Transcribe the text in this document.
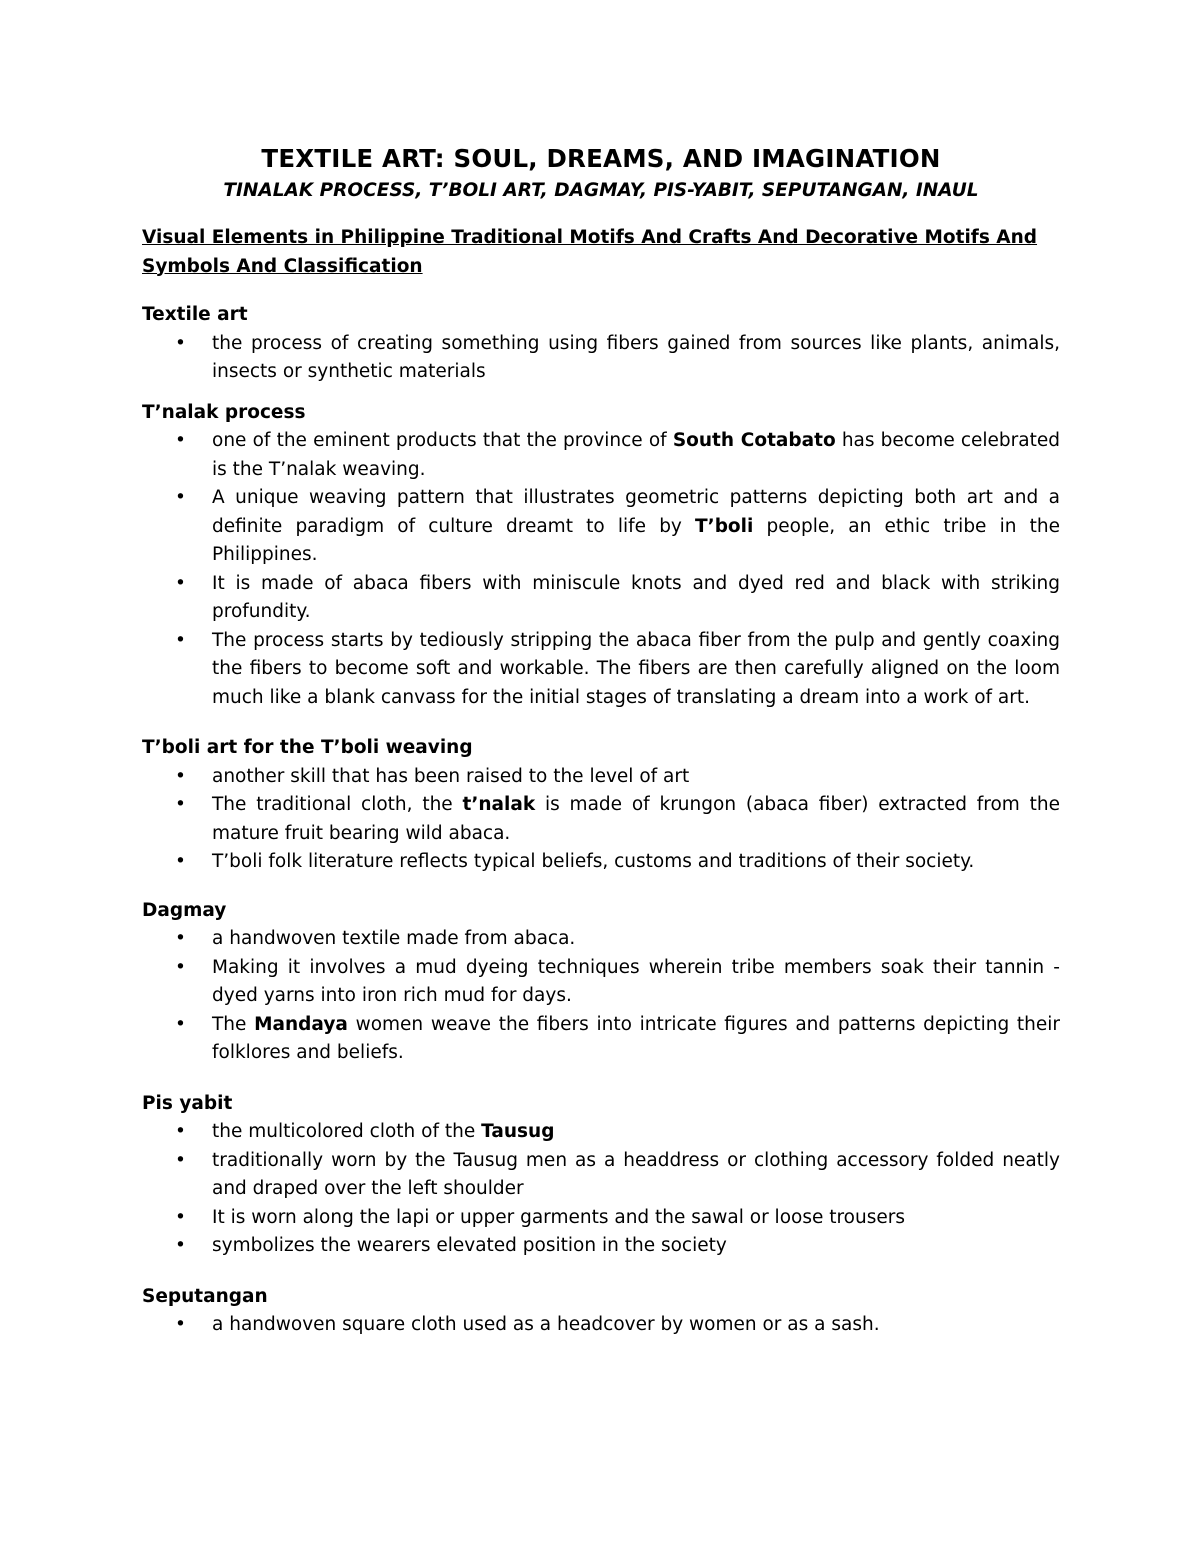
TEXTILE ART: SOUL, DREAMS, AND IMAGINATION
TINALAK PROCESS, T’BOLI ART, DAGMAY, PIS-YABIT, SEPUTANGAN, INAUL
Visual Elements in Philippine Traditional Motifs And Crafts And Decorative Motifs And Symbols And Classification
Textile art
• the process of creating something using fibers gained from sources like plants, animals, insects or synthetic materials
T’nalak process
• one of the eminent products that the province of South Cotabato has become celebrated is the T’nalak weaving.
• A unique weaving pattern that illustrates geometric patterns depicting both art and a definite paradigm of culture dreamt to life by T’boli people, an ethic tribe in the Philippines.
• It is made of abaca fibers with miniscule knots and dyed red and black with striking profundity.
• The process starts by tediously stripping the abaca fiber from the pulp and gently coaxing the fibers to become soft and workable. The fibers are then carefully aligned on the loom much like a blank canvass for the initial stages of translating a dream into a work of art.
T’boli art for the T’boli weaving
• another skill that has been raised to the level of art
• The traditional cloth, the t’nalak is made of krungon (abaca fiber) extracted from the mature fruit bearing wild abaca.
• T’boli folk literature reflects typical beliefs, customs and traditions of their society.
Dagmay
• a handwoven textile made from abaca.
• Making it involves a mud dyeing techniques wherein tribe members soak their tannin -dyed yarns into iron rich mud for days.
• The Mandaya women weave the fibers into intricate figures and patterns depicting their folklores and beliefs.
Pis yabit
• the multicolored cloth of the Tausug
• traditionally worn by the Tausug men as a headdress or clothing accessory folded neatly and draped over the left shoulder
• It is worn along the lapi or upper garments and the sawal or loose trousers
• symbolizes the wearers elevated position in the society
Seputangan
• a handwoven square cloth used as a headcover by women or as a sash.
